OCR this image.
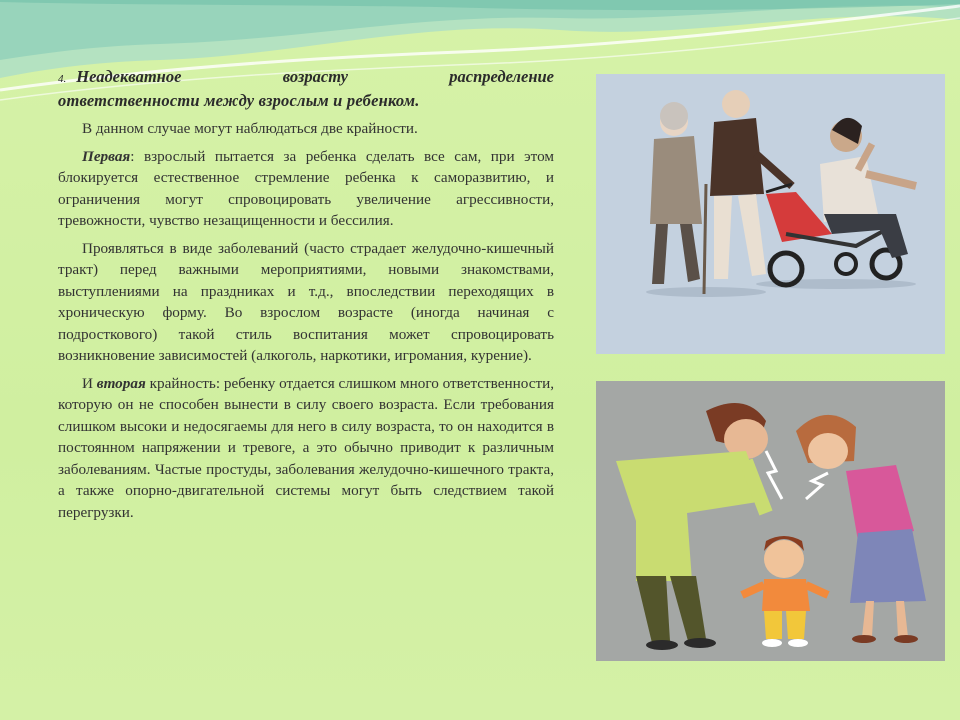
4. Неадекватное возрасту распределение
ответственности между взрослым и ребенком.
В данном случае могут наблюдаться две крайности.
Первая: взрослый пытается за ребенка сделать все сам, при этом блокируется естественное стремление ребенка к саморазвитию, и ограничения могут спровоцировать увеличение агрессивности, тревожности, чувство незащищенности и бессилия.
Проявляться в виде заболеваний (часто страдает желудочно-кишечный тракт) перед важными мероприятиями, новыми знакомствами, выступлениями на праздниках и т.д., впоследствии переходящих в хроническую форму. Во взрослом возрасте (иногда начиная с подросткового) такой стиль воспитания может спровоцировать возникновение зависимостей (алкоголь, наркотики, игромания, курение).
И вторая крайность: ребенку отдается слишком много ответственности, которую он не способен вынести в силу своего возраста. Если требования слишком высоки и недосягаемы для него в силу возраста, то он находится в постоянном напряжении и тревоге, а это обычно приводит к различным заболеваниям. Частые простуды, заболевания желудочно-кишечного тракта, а также опорно-двигательной системы могут быть следствием такой перегрузки.
